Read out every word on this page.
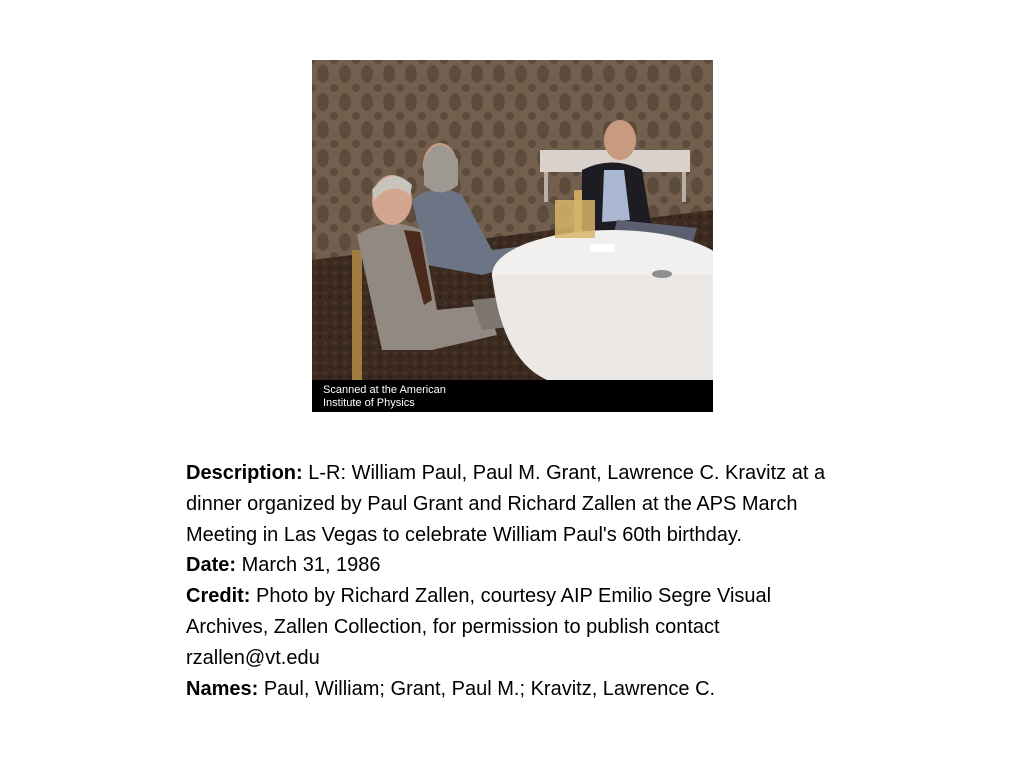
Scanned at the American
Institute of Physics

Description: L-R: William Paul, Paul M. Grant, Lawrence C. Kravitz at a dinner organized by Paul Grant and Richard Zallen at the APS March Meeting in Las Vegas to celebrate William Paul's 60th birthday.

Date: March 31, 1986

Credit: Photo by Richard Zallen, courtesy AIP Emilio Segre Visual Archives, Zallen Collection, for permission to publish contact rzallen@vt.edu

Names: Paul, William; Grant, Paul M.; Kravitz, Lawrence C.
